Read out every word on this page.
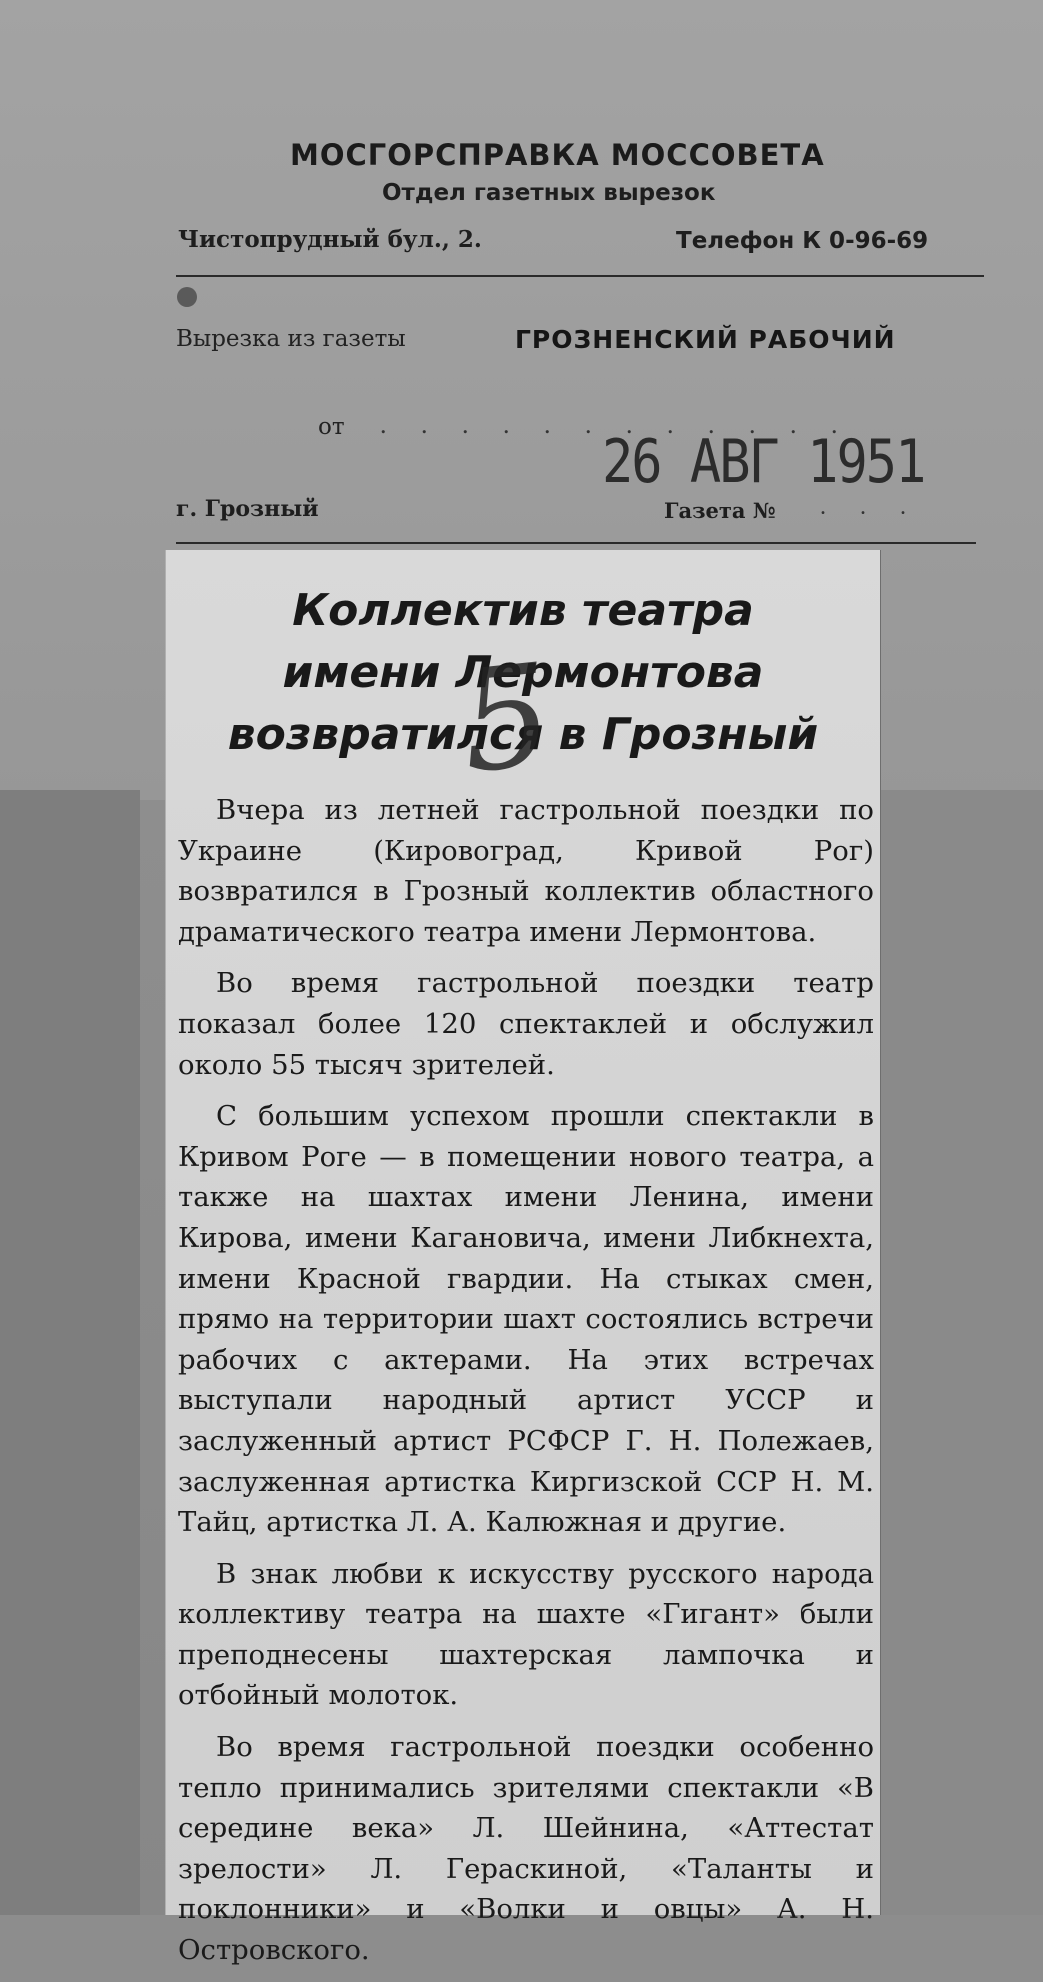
МОСГОРСПРАВКА МОССОВЕТА
Отдел газетных вырезок
Чистопрудный бул., 2.	Телефон К 0-96-69
Вырезка из газеты	ГРОЗНЕНСКИЙ РАБОЧИЙ
от . . . . . . . . . . . .
26 АВГ 1951
г. Грозный	Газета № . . .
Коллектив театра
имени Лермонтова
возвратился в Грозный
5

Вчера из летней гастрольной поездки по Украине (Кировоград, Кривой Рог) возвратился в Грозный коллектив областного драматического театра имени Лермонтова.

Во время гастрольной поездки театр показал более 120 спектаклей и обслужил около 55 тысяч зрителей.

С большим успехом прошли спектакли в Кривом Роге — в помещении нового театра, а также на шахтах имени Ленина, имени Кирова, имени Кагановича, имени Либкнехта, имени Красной гвардии. На стыках смен, прямо на территории шахт состоялись встречи рабочих с актерами. На этих встречах выступали народный артист УССР и заслуженный артист РСФСР Г. Н. Полежаев, заслуженная артистка Киргизской ССР Н. М. Тайц, артистка Л. А. Калюжная и другие.

В знак любви к искусству русского народа коллективу театра на шахте «Гигант» были преподнесены шахтерская лампочка и отбойный молоток.

Во время гастрольной поездки особенно тепло принимались зрителями спектакли «В середине века» Л. Шейнина, «Аттестат зрелости» Л. Гераскиной, «Таланты и поклонники» и «Волки и овцы» А. Н. Островского.
